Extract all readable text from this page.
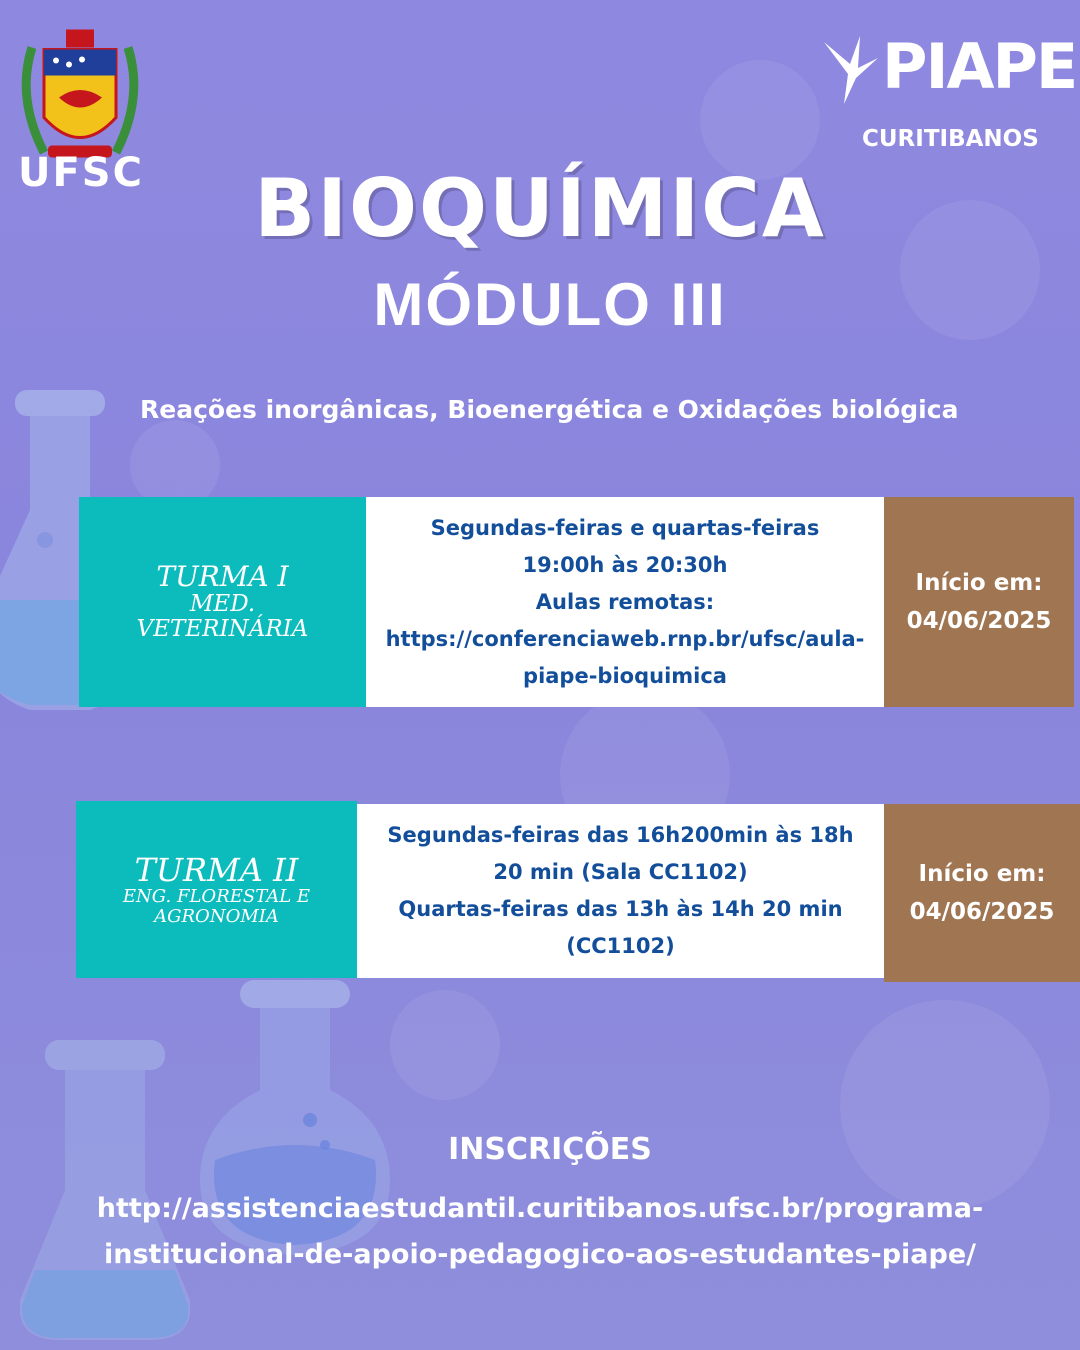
UFSC
PIAPE
CURITIBANOS
BIOQUÍMICA
MÓDULO III
Reações inorgânicas, Bioenergética e Oxidações biológica
TURMA I
MED.
VETERINÁRIA
Segundas-feiras e quartas-feiras
19:00h às 20:30h
Aulas remotas:
https://conferenciaweb.rnp.br/ufsc/aula-
piape-bioquimica
Início em:
04/06/2025
TURMA II
ENG. FLORESTAL E
AGRONOMIA
Segundas-feiras das 16h200min às 18h
20 min (Sala CC1102)
Quartas-feiras das 13h às 14h 20 min
(CC1102)
Início em:
04/06/2025
INSCRIÇÕES
http://assistenciaestudantil.curitibanos.ufsc.br/programa-
institucional-de-apoio-pedagogico-aos-estudantes-piape/
